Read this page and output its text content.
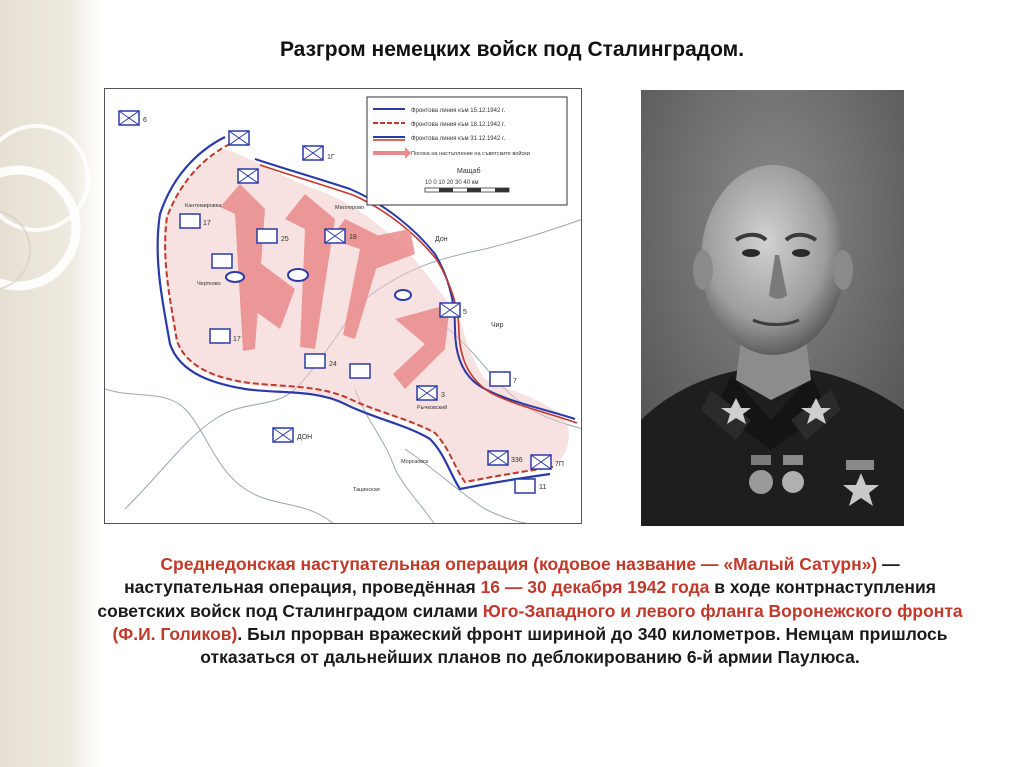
Разгром немецких войск под Сталинградом.
Фронтова линия към 15.12.1942 г.
Фронтова линия към 18.12.1942 г.
Фронтова линия към 31.12.1942 г.
Посока на настъпление на съветските войски
Мащаб
10 0 10 20 30 40 км
6
1Г
17
25	18
17
24
5
3
7
336
11
7П
Дон
ДОН
Чир
Кантемировка	Миллерово
Чертково
Тацинская
Морозовск
Рычковский
Среднедонская наступательная операция (кодовое название — «Малый Сатурн») — наступательная операция, проведённая 16 — 30 декабря 1942 года в ходе контрнаступления советских войск под Сталинградом силами Юго-Западного и левого фланга Воронежского фронта (Ф.И. Голиков). Был прорван вражеский фронт шириной до 340 километров. Немцам пришлось отказаться от дальнейших планов по деблокированию 6-й армии Паулюса.
